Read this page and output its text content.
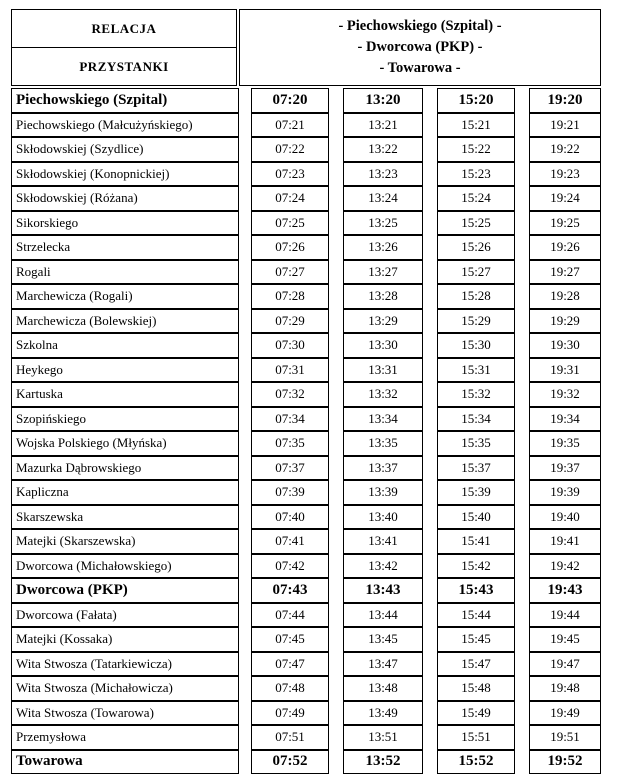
RELACJA
PRZYSTANKI
- Piechowskiego (Szpital) -
- Dworcowa (PKP) -
- Towarowa -
Piechowskiego (Szpital)		07:20		13:20		15:20		19:20
Piechowskiego (Małcużyńskiego)		07:21		13:21		15:21		19:21
Skłodowskiej (Szydlice)		07:22		13:22		15:22		19:22
Skłodowskiej (Konopnickiej)		07:23		13:23		15:23		19:23
Skłodowskiej (Różana)		07:24		13:24		15:24		19:24
Sikorskiego		07:25		13:25		15:25		19:25
Strzelecka		07:26		13:26		15:26		19:26
Rogali		07:27		13:27		15:27		19:27
Marchewicza (Rogali)		07:28		13:28		15:28		19:28
Marchewicza (Bolewskiej)		07:29		13:29		15:29		19:29
Szkolna		07:30		13:30		15:30		19:30
Heykego		07:31		13:31		15:31		19:31
Kartuska		07:32		13:32		15:32		19:32
Szopińskiego		07:34		13:34		15:34		19:34
Wojska Polskiego (Młyńska)		07:35		13:35		15:35		19:35
Mazurka Dąbrowskiego		07:37		13:37		15:37		19:37
Kapliczna		07:39		13:39		15:39		19:39
Skarszewska		07:40		13:40		15:40		19:40
Matejki (Skarszewska)		07:41		13:41		15:41		19:41
Dworcowa (Michałowskiego)		07:42		13:42		15:42		19:42
Dworcowa (PKP)		07:43		13:43		15:43		19:43
Dworcowa (Fałata)		07:44		13:44		15:44		19:44
Matejki (Kossaka)		07:45		13:45		15:45		19:45
Wita Stwosza (Tatarkiewicza)		07:47		13:47		15:47		19:47
Wita Stwosza (Michałowicza)		07:48		13:48		15:48		19:48
Wita Stwosza (Towarowa)		07:49		13:49		15:49		19:49
Przemysłowa		07:51		13:51		15:51		19:51
Towarowa		07:52		13:52		15:52		19:52
